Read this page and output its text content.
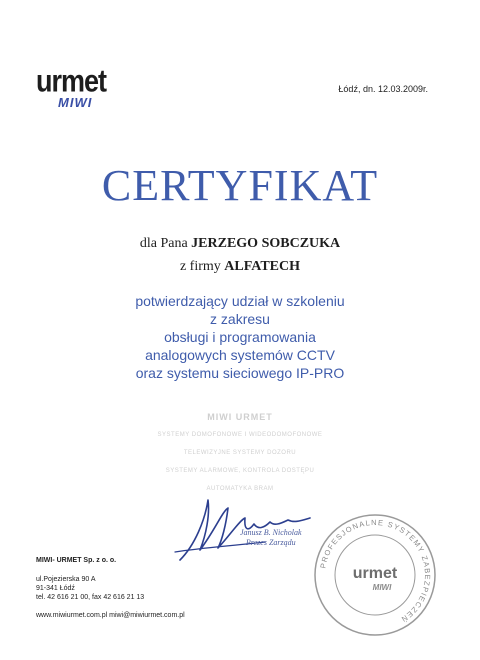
urmet
MIWI
Łódź, dn. 12.03.2009r.
CERTYFIKAT
dla Pana JERZEGO SOBCZUKA
z firmy ALFATECH
potwierdzający udział w szkoleniu
z zakresu
obsługi i programowania
analogowych systemów CCTV
oraz systemu sieciowego IP-PRO
MIWI URMET
SYSTEMY DOMOFONOWE I WIDEODOMOFONOWE
TELEWIZYJNE SYSTEMY DOZORU
SYSTEMY ALARMOWE, KONTROLA DOSTĘPU
AUTOMATYKA BRAM
Janusz B. Nicholak
Prezes Zarządu
MIWI- URMET Sp. z o. o.
ul.Pojezierska 90 A
91-341 Łódź
tel. 42 616 21 00, fax 42 616 21 13
www.miwiurmet.com.pl miwi@miwiurmet.com.pl
PROFESJONALNE SYSTEMY ZABEZPIECZEŃ
urmet
MIWI
